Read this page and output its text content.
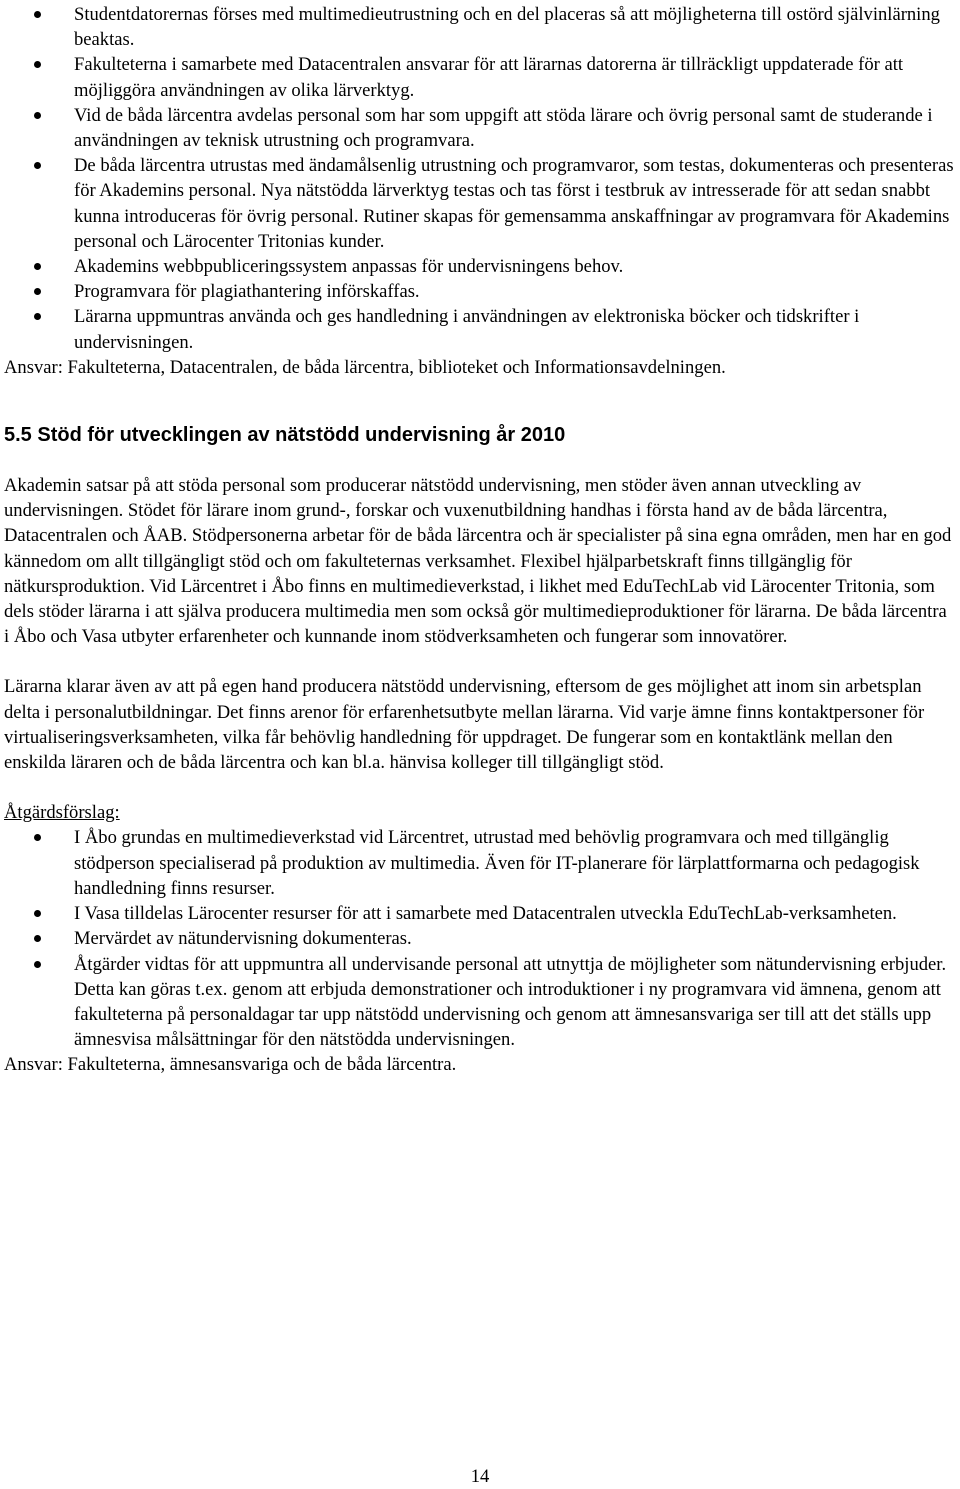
Studentdatorernas förses med multimedieutrustning och en del placeras så att möjligheterna till ostörd självinlärning beaktas.
Fakulteterna i samarbete med Datacentralen ansvarar för att lärarnas datorerna är tillräckligt uppdaterade för att möjliggöra användningen av olika lärverktyg.
Vid de båda lärcentra avdelas personal som har som uppgift att stöda lärare och övrig personal samt de studerande i användningen av teknisk utrustning och programvara.
De båda lärcentra utrustas med ändamålsenlig utrustning och programvaror, som testas, dokumenteras och presenteras för Akademins personal. Nya nätstödda lärverktyg testas och tas först i testbruk av intresserade för att sedan snabbt kunna introduceras för övrig personal. Rutiner skapas för gemensamma anskaffningar av programvara för Akademins personal och Lärocenter Tritonias kunder.
Akademins webbpubliceringssystem anpassas för undervisningens behov.
Programvara för plagiathantering införskaffas.
Lärarna uppmuntras använda och ges handledning i användningen av elektroniska böcker och tidskrifter i undervisningen.

Ansvar: Fakulteterna, Datacentralen, de båda lärcentra, biblioteket och Informationsavdelningen.

5.5 Stöd för utvecklingen av nätstödd undervisning år 2010

Akademin satsar på att stöda personal som producerar nätstödd undervisning, men stöder även annan utveckling av undervisningen. Stödet för lärare inom grund-, forskar och vuxenutbildning handhas i första hand av de båda lärcentra, Datacentralen och ÅAB. Stödpersonerna arbetar för de båda lärcentra och är specialister på sina egna områden, men har en god kännedom om allt tillgängligt stöd och om fakulteternas verksamhet. Flexibel hjälparbetskraft finns tillgänglig för nätkursproduktion. Vid Lärcentret i Åbo finns en multimedieverkstad, i likhet med EduTechLab vid Lärocenter Tritonia, som dels stöder lärarna i att själva producera multimedia men som också gör multimedieproduktioner för lärarna. De båda lärcentra i Åbo och Vasa utbyter erfarenheter och kunnande inom stödverksamheten och fungerar som innovatörer.

Lärarna klarar även av att på egen hand producera nätstödd undervisning, eftersom de ges möjlighet att inom sin arbetsplan delta i personalutbildningar. Det finns arenor för erfarenhetsutbyte mellan lärarna. Vid varje ämne finns kontaktpersoner för virtualiseringsverksamheten, vilka får behövlig handledning för uppdraget. De fungerar som en kontaktlänk mellan den enskilda läraren och de båda lärcentra och kan bl.a. hänvisa kolleger till tillgängligt stöd.

Åtgärdsförslag:

I Åbo grundas en multimedieverkstad vid Lärcentret, utrustad med behövlig programvara och med tillgänglig stödperson specialiserad på produktion av multimedia. Även för IT-planerare för lärplattformarna och pedagogisk handledning finns resurser.
I Vasa tilldelas Lärocenter resurser för att i samarbete med Datacentralen utveckla EduTechLab-verksamheten.
Mervärdet av nätundervisning dokumenteras.
Åtgärder vidtas för att uppmuntra all undervisande personal att utnyttja de möjligheter som nätundervisning erbjuder. Detta kan göras t.ex. genom att erbjuda demonstrationer och introduktioner i ny programvara vid ämnena, genom att fakulteterna på personaldagar tar upp nätstödd undervisning och genom att ämnesansvariga ser till att det ställs upp ämnesvisa målsättningar för den nätstödda undervisningen.

Ansvar: Fakulteterna, ämnesansvariga och de båda lärcentra.

14
